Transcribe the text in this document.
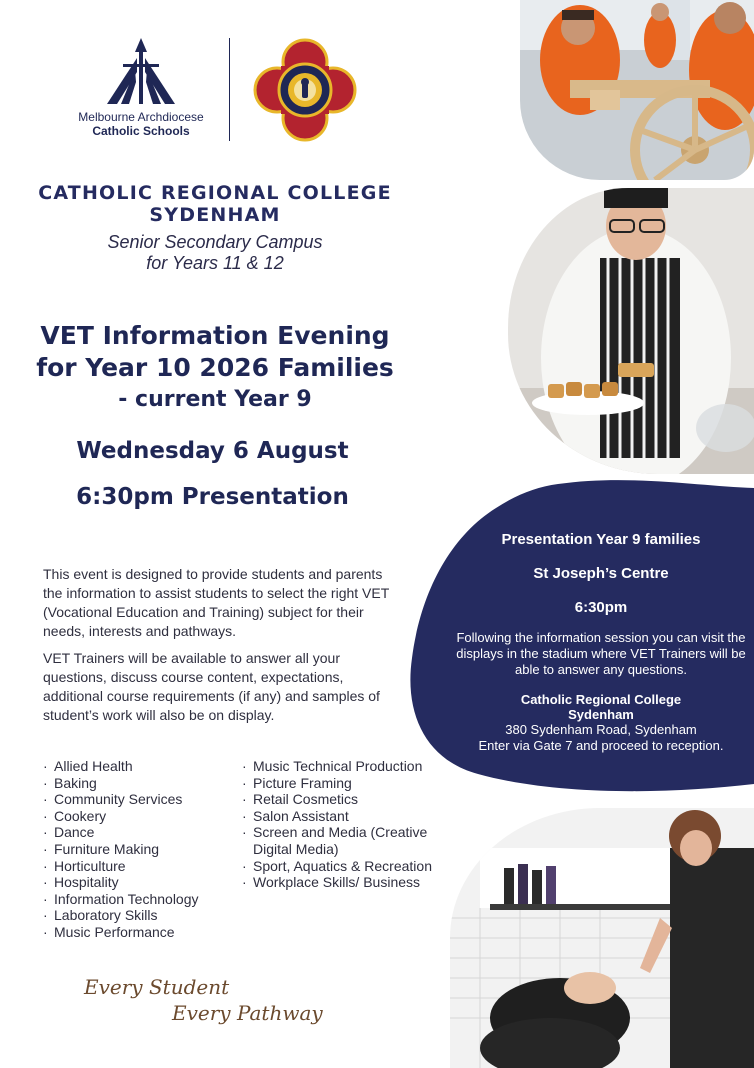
Melbourne Archdiocese
Catholic Schools
CATHOLIC REGIONAL COLLEGE
SYDENHAM
Senior Secondary Campus
for Years 11 & 12
VET Information Evening
for Year 10 2026 Families
- current Year 9
Wednesday 6 August
6:30pm Presentation

This event is designed to provide students and parents the information to assist students to select the right VET (Vocational Education and Training) subject for their needs, interests and pathways.

VET Trainers will be available to answer all your questions, discuss course content, expectations, additional course requirements (if any) and samples of student’s work will also be on display.

· Allied Health
· Baking
· Community Services
· Cookery
· Dance
· Furniture Making
· Horticulture
· Hospitality
· Information Technology
· Laboratory Skills
· Music Performance
· Music Technical Production
· Picture Framing
· Retail Cosmetics
· Salon Assistant
· Screen and Media (Creative Digital Media)
· Sport, Aquatics & Recreation
· Workplace Skills/ Business
Every Student
Every Pathway
Presentation Year 9 families
St Joseph’s Centre
6:30pm
Following the information session you can visit the displays in the stadium where VET Trainers will be able to answer any questions.
Catholic Regional College
Sydenham
380 Sydenham Road, Sydenham
Enter via Gate 7 and proceed to reception.
